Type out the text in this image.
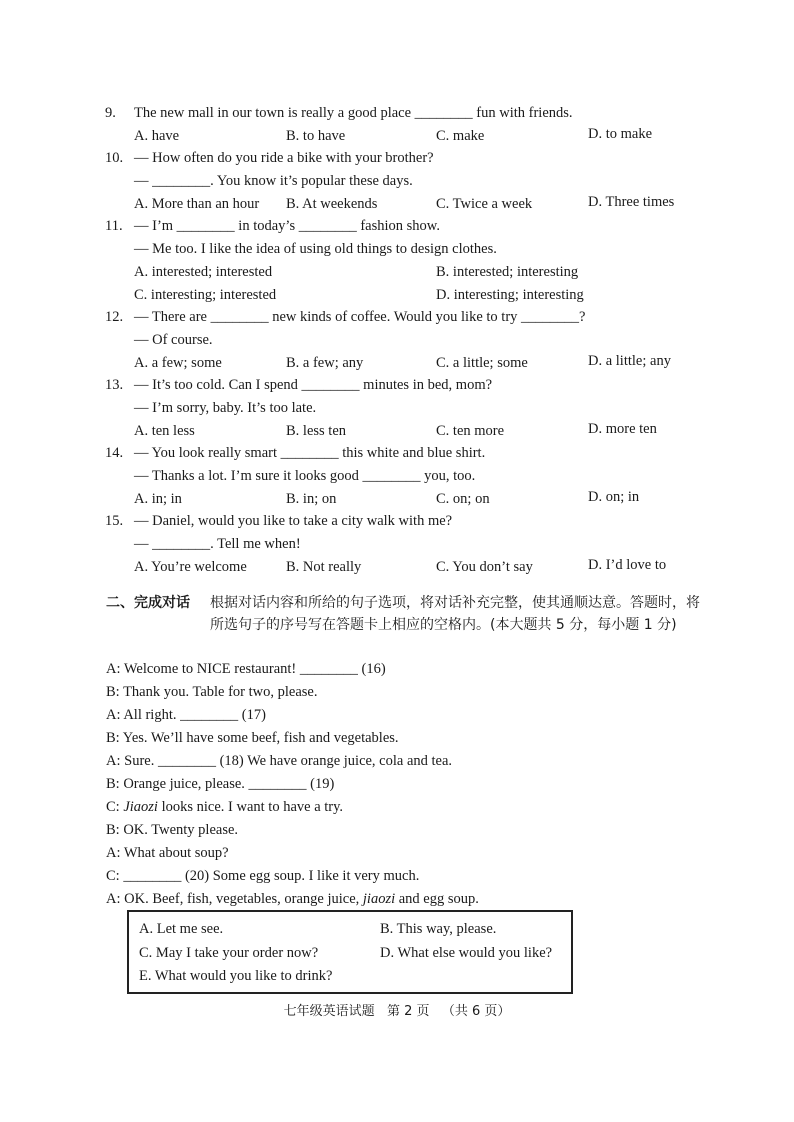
9. The new mall in our town is really a good place ________ fun with friends.
A. have	B. to have	C. make	D. to make
10. — How often do you ride a bike with your brother?
— ________. You know it’s popular these days.
A. More than an hour B. At weekends	C. Twice a week	D. Three times
11. — I’m ________ in today’s ________ fashion show.
— Me too. I like the idea of using old things to design clothes.
A. interested; interested	B. interested; interesting
C. interesting; interested	D. interesting; interesting
12. — There are ________ new kinds of coffee. Would you like to try ________?
— Of course.
A. a few; some	B. a few; any	C. a little; some	D. a little; any
13. — It’s too cold. Can I spend ________ minutes in bed, mom?
— I’m sorry, baby. It’s too late.
A. ten less	B. less ten	C. ten more	D. more ten
14. — You look really smart ________ this white and blue shirt.
— Thanks a lot. I’m sure it looks good ________ you, too.
A. in; in	B. in; on	C. on; on	D. on; in
15. — Daniel, would you like to take a city walk with me?
— ________. Tell me when!
A. You’re welcome	B. Not really	C. You don’t say	D. I’d love to
二、完成对话 根据对话内容和所给的句子选项，将对话补充完整，使其通顺达意。答题时，将所选句子的序号写在答题卡上相应的空格内。(本大题共 5 分，每小题 1 分)
A: Welcome to NICE restaurant! ________ (16)
B: Thank you. Table for two, please.
A: All right. ________ (17)
B: Yes. We’ll have some beef, fish and vegetables.
A: Sure. ________ (18) We have orange juice, cola and tea.
B: Orange juice, please. ________ (19)
C: Jiaozi looks nice. I want to have a try.
B: OK. Twenty please.
A: What about soup?
C: ________ (20) Some egg soup. I like it very much.
A: OK. Beef, fish, vegetables, orange juice, jiaozi and egg soup.
A. Let me see.	B. This way, please.
C. May I take your order now?	D. What else would you like?
E. What would you like to drink?
七年级英语试题   第 2 页   （共 6 页）
